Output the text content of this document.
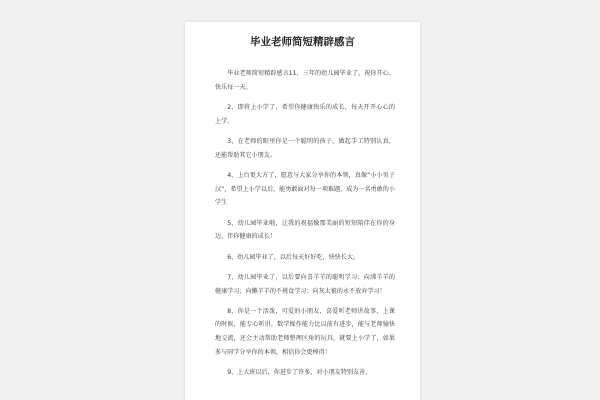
毕业老师简短精辟感言

毕业老师简短精辟感言11、三年的幼儿园毕业了，祝你开心、快乐每一天。

2、即将上小学了，希望你健康快乐的成长，每天开开心心的上学。

3、在老师的眼里你是一个聪明的孩子，做起手工特别认真，还能帮助其它小朋友。

4、上台更大方了，愿意与大家分享你的本领，真像“小小男子汉”，希望上小学以后，能勇敢面对每一项难题，成为一名勇敢的小学生

5、幼儿园毕业啦，让我的祝福像那美丽的短短陪伴在你的身边，伴你健康的成长！

6、幼儿园毕业了，以后每天好好吃，快快长大。

7、幼儿园毕业了，以后要向喜羊羊的聪明学习；向沸羊羊的健康学习；向懒羊羊的不挑食学习；向灰太狼的永不放弃学习！

8、你是一个活泼，可爱的小朋友，喜爱听老师讲故事，上课的时候，能专心听讲，数学操作能力比以前有进步，能与老师愉快地交流，还会主动帮助老师整理区角的玩具，就要上小学了，如果多与同学分享你的本领，相信你会更棒得！

9、上大班以后，你进步了许多，对小朋友特别友善，
